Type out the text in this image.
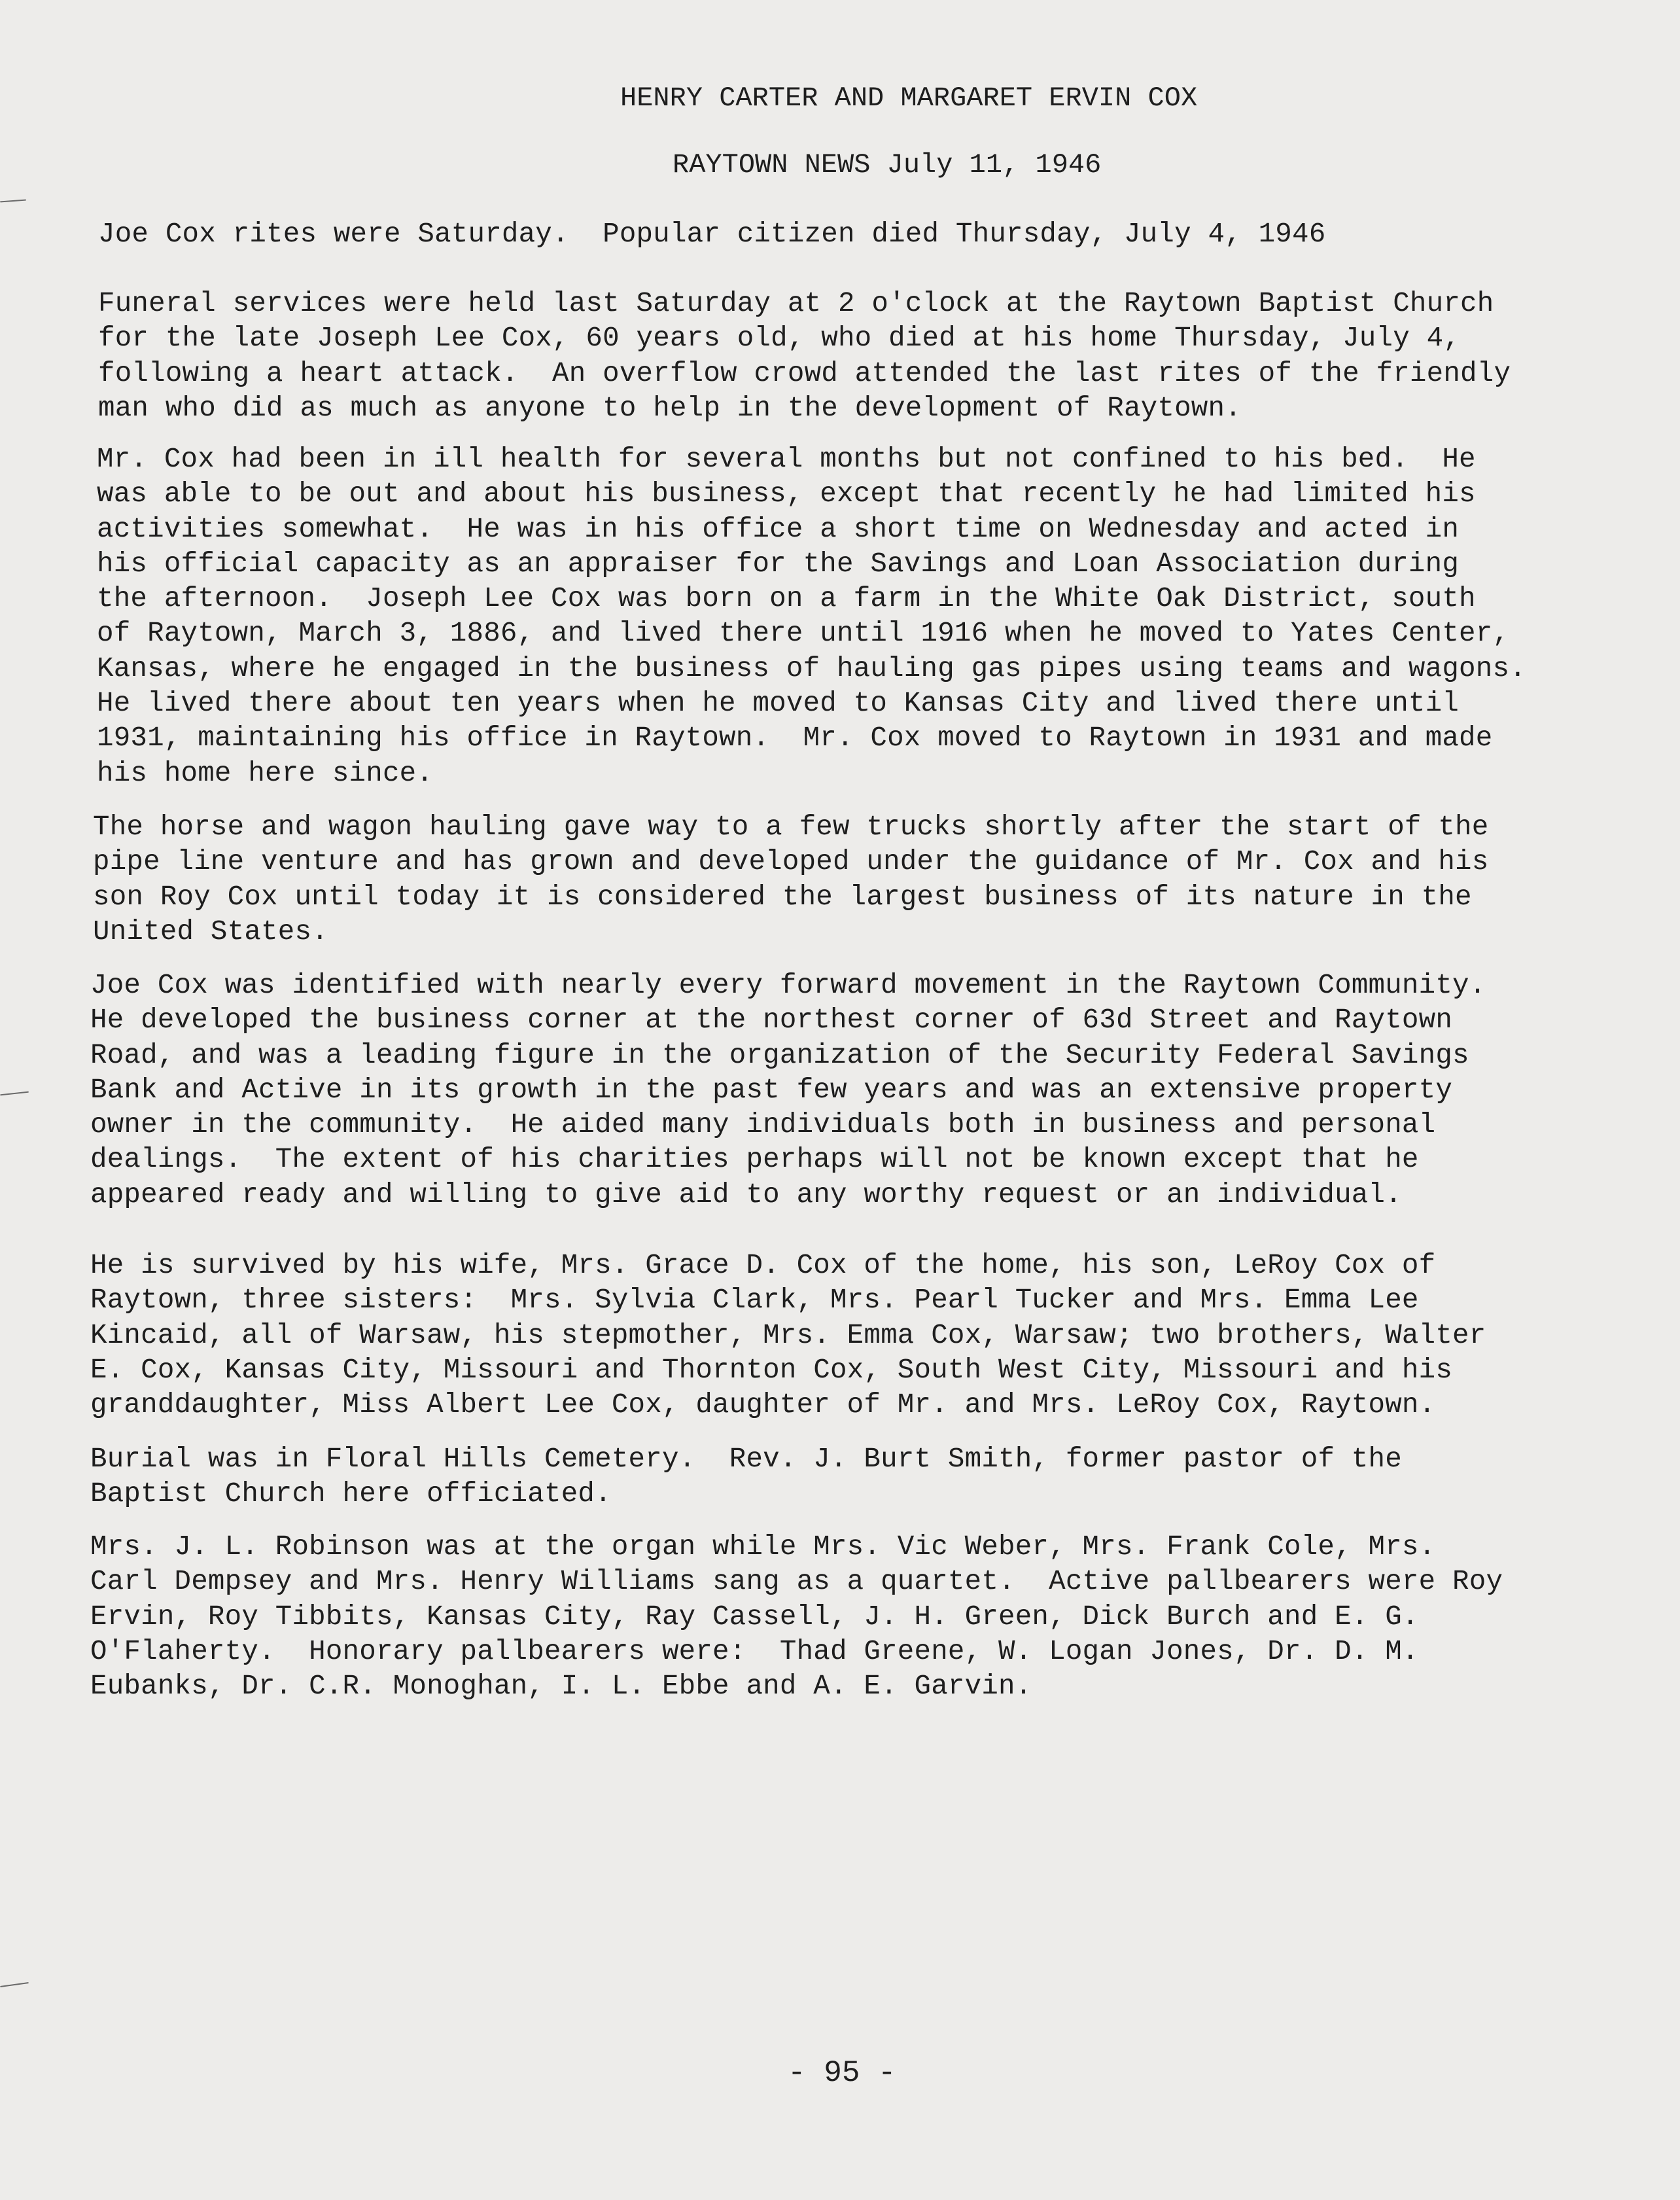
HENRY CARTER AND MARGARET ERVIN COX
RAYTOWN NEWS July 11, 1946

Joe Cox rites were Saturday.  Popular citizen died Thursday, July 4, 1946

Funeral services were held last Saturday at 2 o'clock at the Raytown Baptist Church
for the late Joseph Lee Cox, 60 years old, who died at his home Thursday, July 4,
following a heart attack.  An overflow crowd attended the last rites of the friendly
man who did as much as anyone to help in the development of Raytown.

Mr. Cox had been in ill health for several months but not confined to his bed.  He
was able to be out and about his business, except that recently he had limited his
activities somewhat.  He was in his office a short time on Wednesday and acted in
his official capacity as an appraiser for the Savings and Loan Association during
the afternoon.  Joseph Lee Cox was born on a farm in the White Oak District, south
of Raytown, March 3, 1886, and lived there until 1916 when he moved to Yates Center,
Kansas, where he engaged in the business of hauling gas pipes using teams and wagons.
He lived there about ten years when he moved to Kansas City and lived there until
1931, maintaining his office in Raytown.  Mr. Cox moved to Raytown in 1931 and made
his home here since.

The horse and wagon hauling gave way to a few trucks shortly after the start of the
pipe line venture and has grown and developed under the guidance of Mr. Cox and his
son Roy Cox until today it is considered the largest business of its nature in the
United States.

Joe Cox was identified with nearly every forward movement in the Raytown Community.
He developed the business corner at the northest corner of 63d Street and Raytown
Road, and was a leading figure in the organization of the Security Federal Savings
Bank and Active in its growth in the past few years and was an extensive property
owner in the community.  He aided many individuals both in business and personal
dealings.  The extent of his charities perhaps will not be known except that he
appeared ready and willing to give aid to any worthy request or an individual.

He is survived by his wife, Mrs. Grace D. Cox of the home, his son, LeRoy Cox of
Raytown, three sisters:  Mrs. Sylvia Clark, Mrs. Pearl Tucker and Mrs. Emma Lee
Kincaid, all of Warsaw, his stepmother, Mrs. Emma Cox, Warsaw; two brothers, Walter
E. Cox, Kansas City, Missouri and Thornton Cox, South West City, Missouri and his
granddaughter, Miss Albert Lee Cox, daughter of Mr. and Mrs. LeRoy Cox, Raytown.

Burial was in Floral Hills Cemetery.  Rev. J. Burt Smith, former pastor of the
Baptist Church here officiated.

Mrs. J. L. Robinson was at the organ while Mrs. Vic Weber, Mrs. Frank Cole, Mrs.
Carl Dempsey and Mrs. Henry Williams sang as a quartet.  Active pallbearers were Roy
Ervin, Roy Tibbits, Kansas City, Ray Cassell, J. H. Green, Dick Burch and E. G.
O'Flaherty.  Honorary pallbearers were:  Thad Greene, W. Logan Jones, Dr. D. M.
Eubanks, Dr. C.R. Monoghan, I. L. Ebbe and A. E. Garvin.

- 95 -
